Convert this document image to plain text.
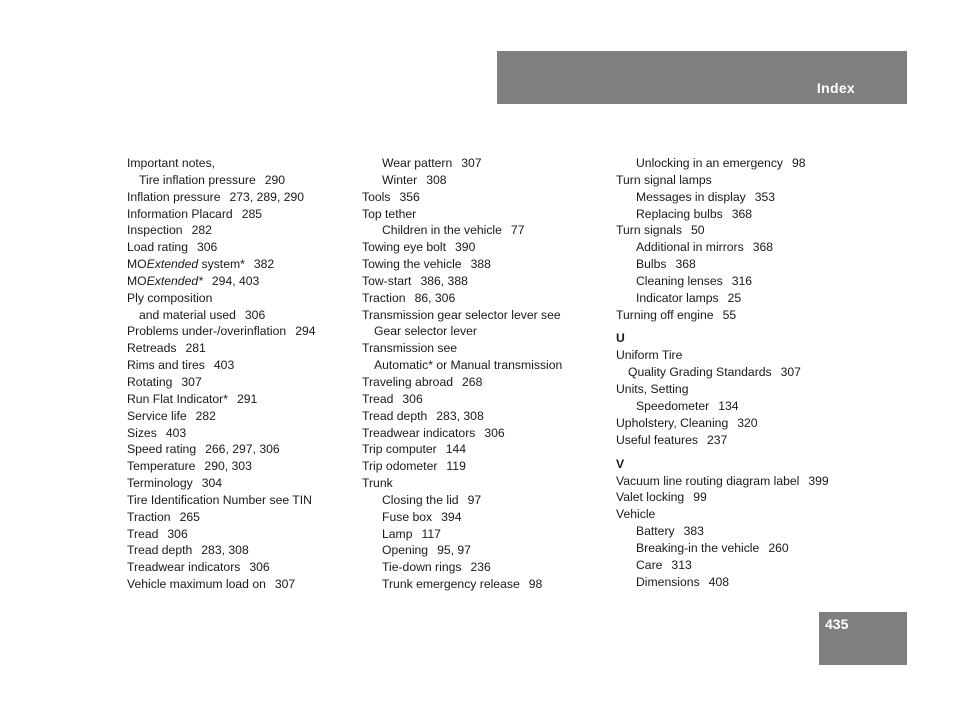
Index
Important notes,
Tire inflation pressure 290
Inflation pressure 273, 289, 290
Information Placard 285
Inspection 282
Load rating 306
MOExtended system* 382
MOExtended* 294, 403
Ply composition
and material used 306
Problems under-/overinflation 294
Retreads 281
Rims and tires 403
Rotating 307
Run Flat Indicator* 291
Service life 282
Sizes 403
Speed rating 266, 297, 306
Temperature 290, 303
Terminology 304
Tire Identification Number see TIN
Traction 265
Tread 306
Tread depth 283, 308
Treadwear indicators 306
Vehicle maximum load on 307
Wear pattern 307
Winter 308
Tools 356
Top tether
Children in the vehicle 77
Towing eye bolt 390
Towing the vehicle 388
Tow-start 386, 388
Traction 86, 306
Transmission gear selector lever see
Gear selector lever
Transmission see
Automatic* or Manual transmission
Traveling abroad 268
Tread 306
Tread depth 283, 308
Treadwear indicators 306
Trip computer 144
Trip odometer 119
Trunk
Closing the lid 97
Fuse box 394
Lamp 117
Opening 95, 97
Tie-down rings 236
Trunk emergency release 98
Unlocking in an emergency 98
Turn signal lamps
Messages in display 353
Replacing bulbs 368
Turn signals 50
Additional in mirrors 368
Bulbs 368
Cleaning lenses 316
Indicator lamps 25
Turning off engine 55
U
Uniform Tire
Quality Grading Standards 307
Units, Setting
Speedometer 134
Upholstery, Cleaning 320
Useful features 237
V
Vacuum line routing diagram label 399
Valet locking 99
Vehicle
Battery 383
Breaking-in the vehicle 260
Care 313
Dimensions 408
435
